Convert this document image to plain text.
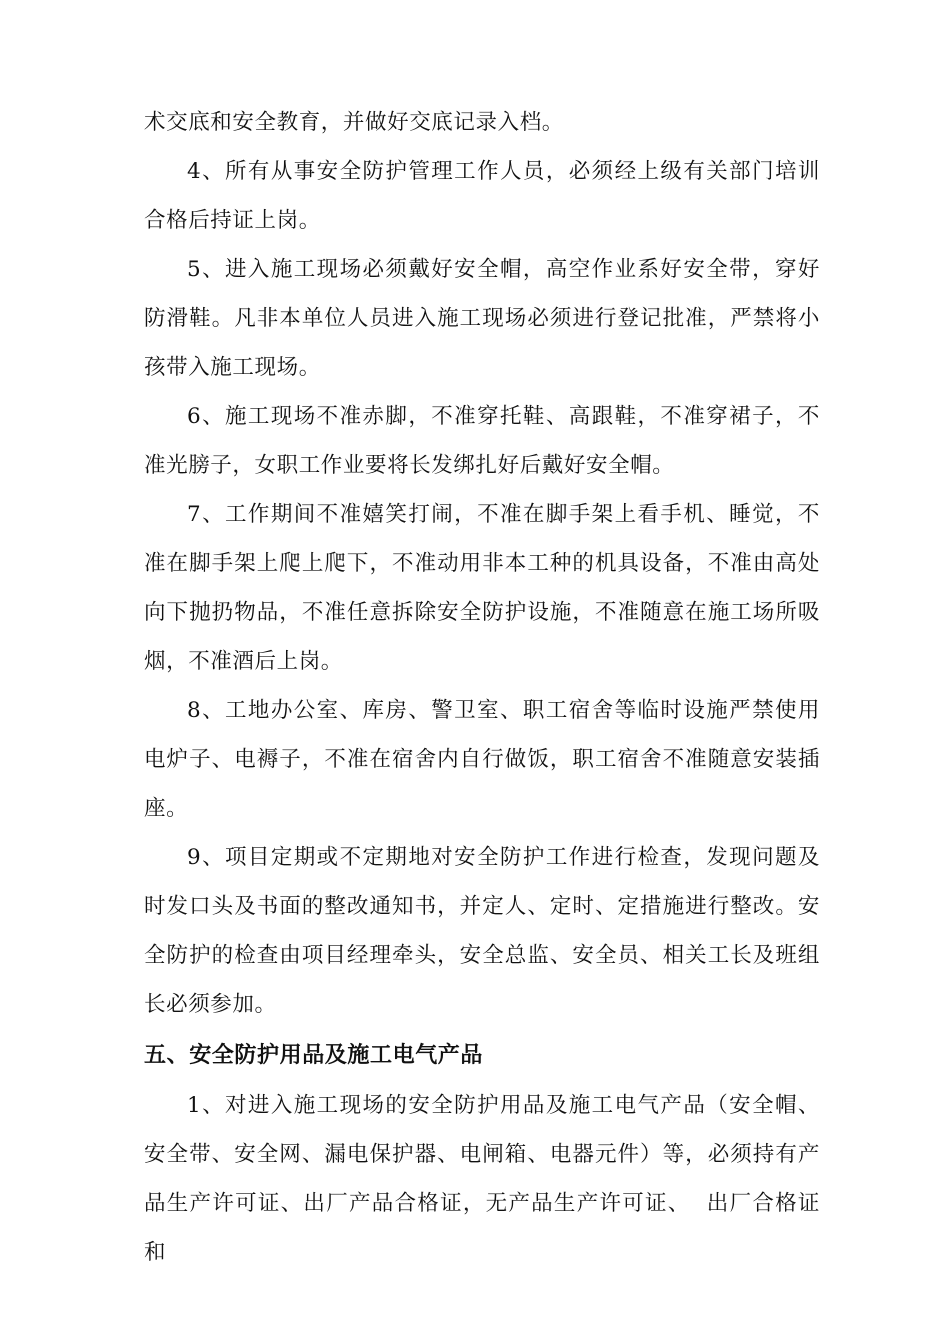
术交底和安全教育，并做好交底记录入档。

4、所有从事安全防护管理工作人员，必须经上级有关部门培训合格后持证上岗。

5、进入施工现场必须戴好安全帽，高空作业系好安全带，穿好防滑鞋。凡非本单位人员进入施工现场必须进行登记批准，严禁将小孩带入施工现场。

6、施工现场不准赤脚，不准穿托鞋、高跟鞋，不准穿裙子，不准光膀子，女职工作业要将长发绑扎好后戴好安全帽。

7、工作期间不准嬉笑打闹，不准在脚手架上看手机、睡觉，不准在脚手架上爬上爬下，不准动用非本工种的机具设备，不准由高处向下抛扔物品，不准任意拆除安全防护设施，不准随意在施工场所吸烟，不准酒后上岗。

8、工地办公室、库房、警卫室、职工宿舍等临时设施严禁使用电炉子、电褥子，不准在宿舍内自行做饭，职工宿舍不准随意安装插座。

9、项目定期或不定期地对安全防护工作进行检查，发现问题及时发口头及书面的整改通知书，并定人、定时、定措施进行整改。安全防护的检查由项目经理牵头，安全总监、安全员、相关工长及班组长必须参加。

五、安全防护用品及施工电气产品

1、对进入施工现场的安全防护用品及施工电气产品（安全帽、安全带、安全网、漏电保护器、电闸箱、电器元件）等，必须持有产品生产许可证、出厂产品合格证，无产品生产许可证、  出厂合格证和
